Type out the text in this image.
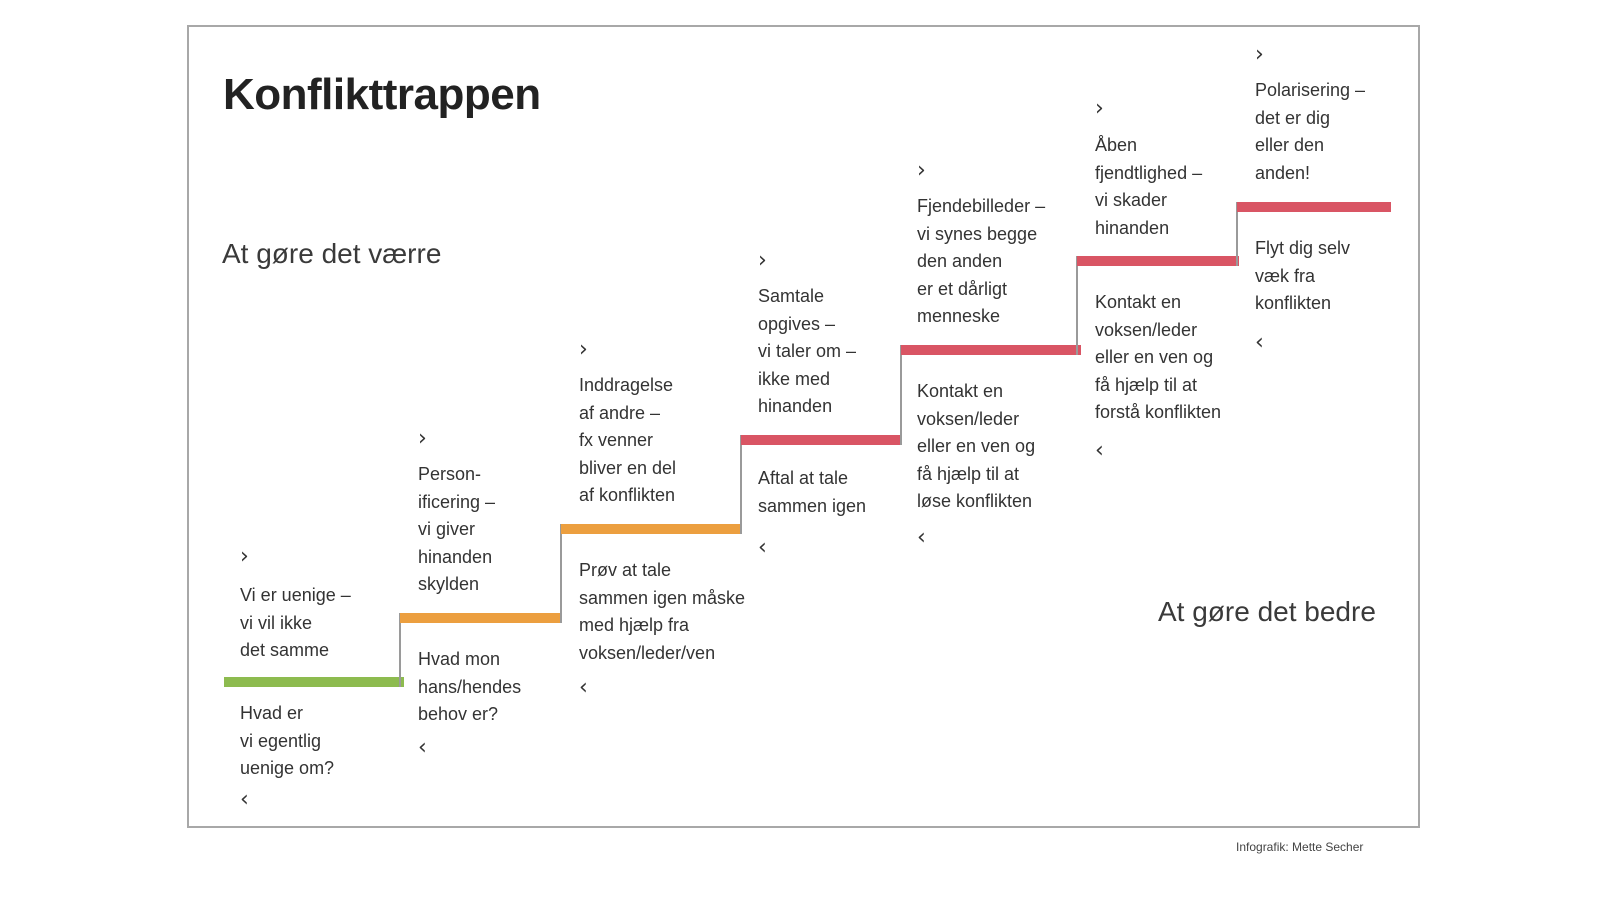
Konflikttrappen
At gøre det værre
At gøre det bedre
›
Vi er uenige –
vi vil ikke
det samme
Hvad er
vi egentlig
uenige om?
‹
›
Person-
ificering –
vi giver
hinanden
skylden
Hvad mon
hans/hendes
behov er?
‹
›
Inddragelse
af andre –
fx venner
bliver en del
af konflikten
Prøv at tale
sammen igen måske
med hjælp fra
voksen/leder/ven
‹
›
Samtale
opgives –
vi taler om –
ikke med
hinanden
Aftal at tale
sammen igen
‹
›
Fjendebilleder –
vi synes begge
den anden
er et dårligt
menneske
Kontakt en
voksen/leder
eller en ven og
få hjælp til at
løse konflikten
‹
›
Åben
fjendtlighed –
vi skader
hinanden
Kontakt en
voksen/leder
eller en ven og
få hjælp til at
forstå konflikten
‹
›
Polarisering –
det er dig
eller den
anden!
Flyt dig selv
væk fra
konflikten
‹
Infografik: Mette Secher
